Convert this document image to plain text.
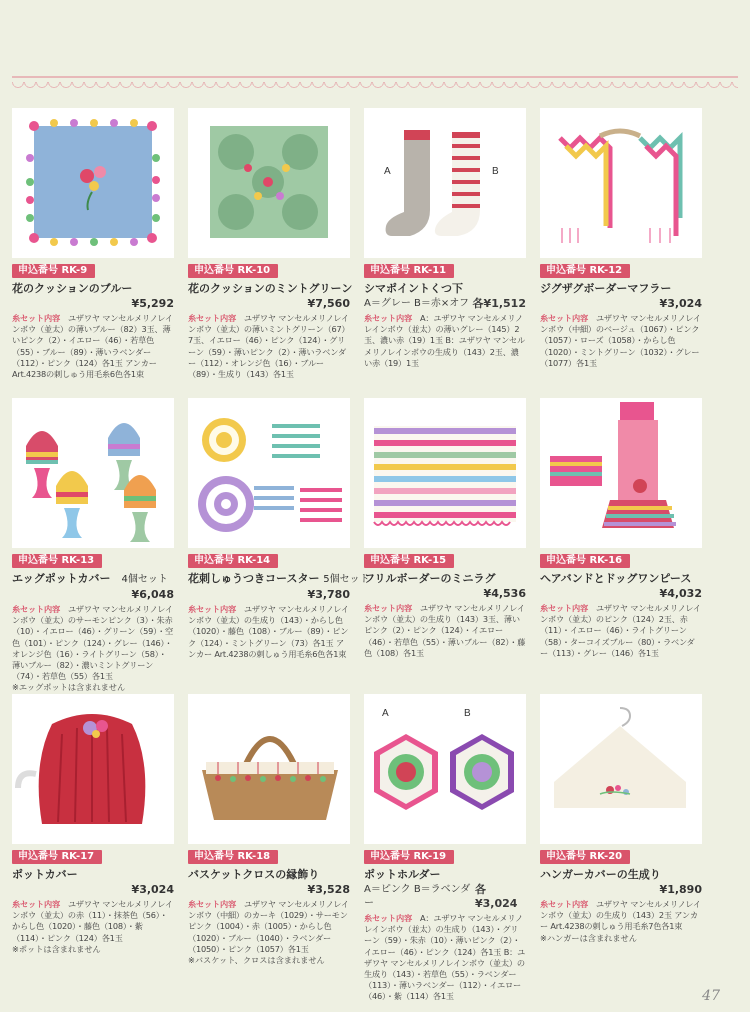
申込番号 RK-9
花のクッションのブルー
¥5,292
糸セット内容　 ユザワヤ マンセルメリノレインボウ（並太）の薄いブルー（82）3玉、薄いピンク（2）・イエロー（46）・若草色（55）・ブルー（89）・薄いラベンダー（112）・ピンク（124）各1玉 アンカー Art.4238の刺しゅう用毛糸6色各1束
申込番号 RK-10
花のクッションのミントグリーン
¥7,560
糸セット内容　 ユザワヤ マンセルメリノレインボウ（並太）の薄いミントグリーン（67）7玉、イエロー（46）・ピンク（124）・グリーン（59）・薄いピンク（2）・薄いラベンダー（112）・オレンジ色（16）・ブルー（89）・生成り（143）各1玉
A	B
申込番号 RK-11
シマポイントくつ下
A＝グレー B＝赤×オフ 各¥1,512
糸セット内容　 A：ユザワヤ マンセルメリノレインボウ（並太）の薄いグレー（145）2玉、濃い赤（19）1玉 B：ユザワヤ マンセルメリノレインボウの生成り（143）2玉、濃い赤（19）1玉
申込番号 RK-12
ジグザグボーダーマフラー
¥3,024
糸セット内容　 ユザワヤ マンセルメリノレインボウ（中細）のベージュ（1067）・ピンク（1057）・ローズ（1058）・からし色（1020）・ミントグリーン（1032）・グレー（1077）各1玉
申込番号 RK-13
エッグポットカバー　 4個セット
¥6,048
糸セット内容　 ユザワヤ マンセルメリノレインボウ（並太）のサーモンピンク（3）・朱赤（10）・イエロー（46）・グリーン（59）・空色（101）・ピンク（124）・グレー（146）・オレンジ色（16）・ライトグリーン（58）・薄いブルー（82）・濃いミントグリーン（74）・若草色（55）各1玉
※エッグポットは含まれません
申込番号 RK-14
花刺しゅうつきコースター 5個セット
¥3,780
糸セット内容　 ユザワヤ マンセルメリノレインボウ（並太）の生成り（143）・からし色（1020）・藤色（108）・ブルー（89）・ピンク（124）・ミントグリーン（73）各1玉 アンカー Art.4238の刺しゅう用毛糸6色各1束
申込番号 RK-15
フリルボーダーのミニラグ
¥4,536
糸セット内容　 ユザワヤ マンセルメリノレインボウ（並太）の生成り（143）3玉、薄いピンク（2）・ピンク（124）・イエロー（46）・若草色（55）・薄いブルー（82）・藤色（108）各1玉
申込番号 RK-16
ヘアバンドとドッグワンピース
¥4,032
糸セット内容　 ユザワヤ マンセルメリノレインボウ（並太）のピンク（124）2玉、赤（11）・イエロー（46）・ライトグリーン（58）・ターコイズブルー（80）・ラベンダー（113）・グレー（146）各1玉
申込番号 RK-17
ポットカバー
¥3,024
糸セット内容　 ユザワヤ マンセルメリノレインボウ（並太）の赤（11）・抹茶色（56）・からし色（1020）・藤色（108）・紫（114）・ピンク（124）各1玉
※ポットは含まれません
申込番号 RK-18
バスケットクロスの縁飾り
¥3,528
糸セット内容　 ユザワヤ マンセルメリノレインボウ（中細）のカーキ（1029）・サーモンピンク（1004）・赤（1005）・からし色（1020）・ブルー（1040）・ラベンダー（1050）・ピンク（1057）各1玉
※バスケット、クロスは含まれません
A	B
申込番号 RK-19
ポットホルダー
A＝ピンク B＝ラベンダー
各¥3,024
糸セット内容　 A：ユザワヤ マンセルメリノレインボウ（並太）の生成り（143）・グリーン（59）・朱赤（10）・薄いピンク（2）・イエロー（46）・ピンク（124）各1玉 B：ユザワヤ マンセルメリノレインボウ（並太）の生成り（143）・若草色（55）・ラベンダー（113）・薄いラベンダー（112）・イエロー（46）・紫（114）各1玉
申込番号 RK-20
ハンガーカバーの生成り
¥1,890
糸セット内容　 ユザワヤ マンセルメリノレインボウ（並太）の生成り（143）2玉 アンカー Art.4238の刺しゅう用毛糸7色各1束
※ハンガーは含まれません
47
